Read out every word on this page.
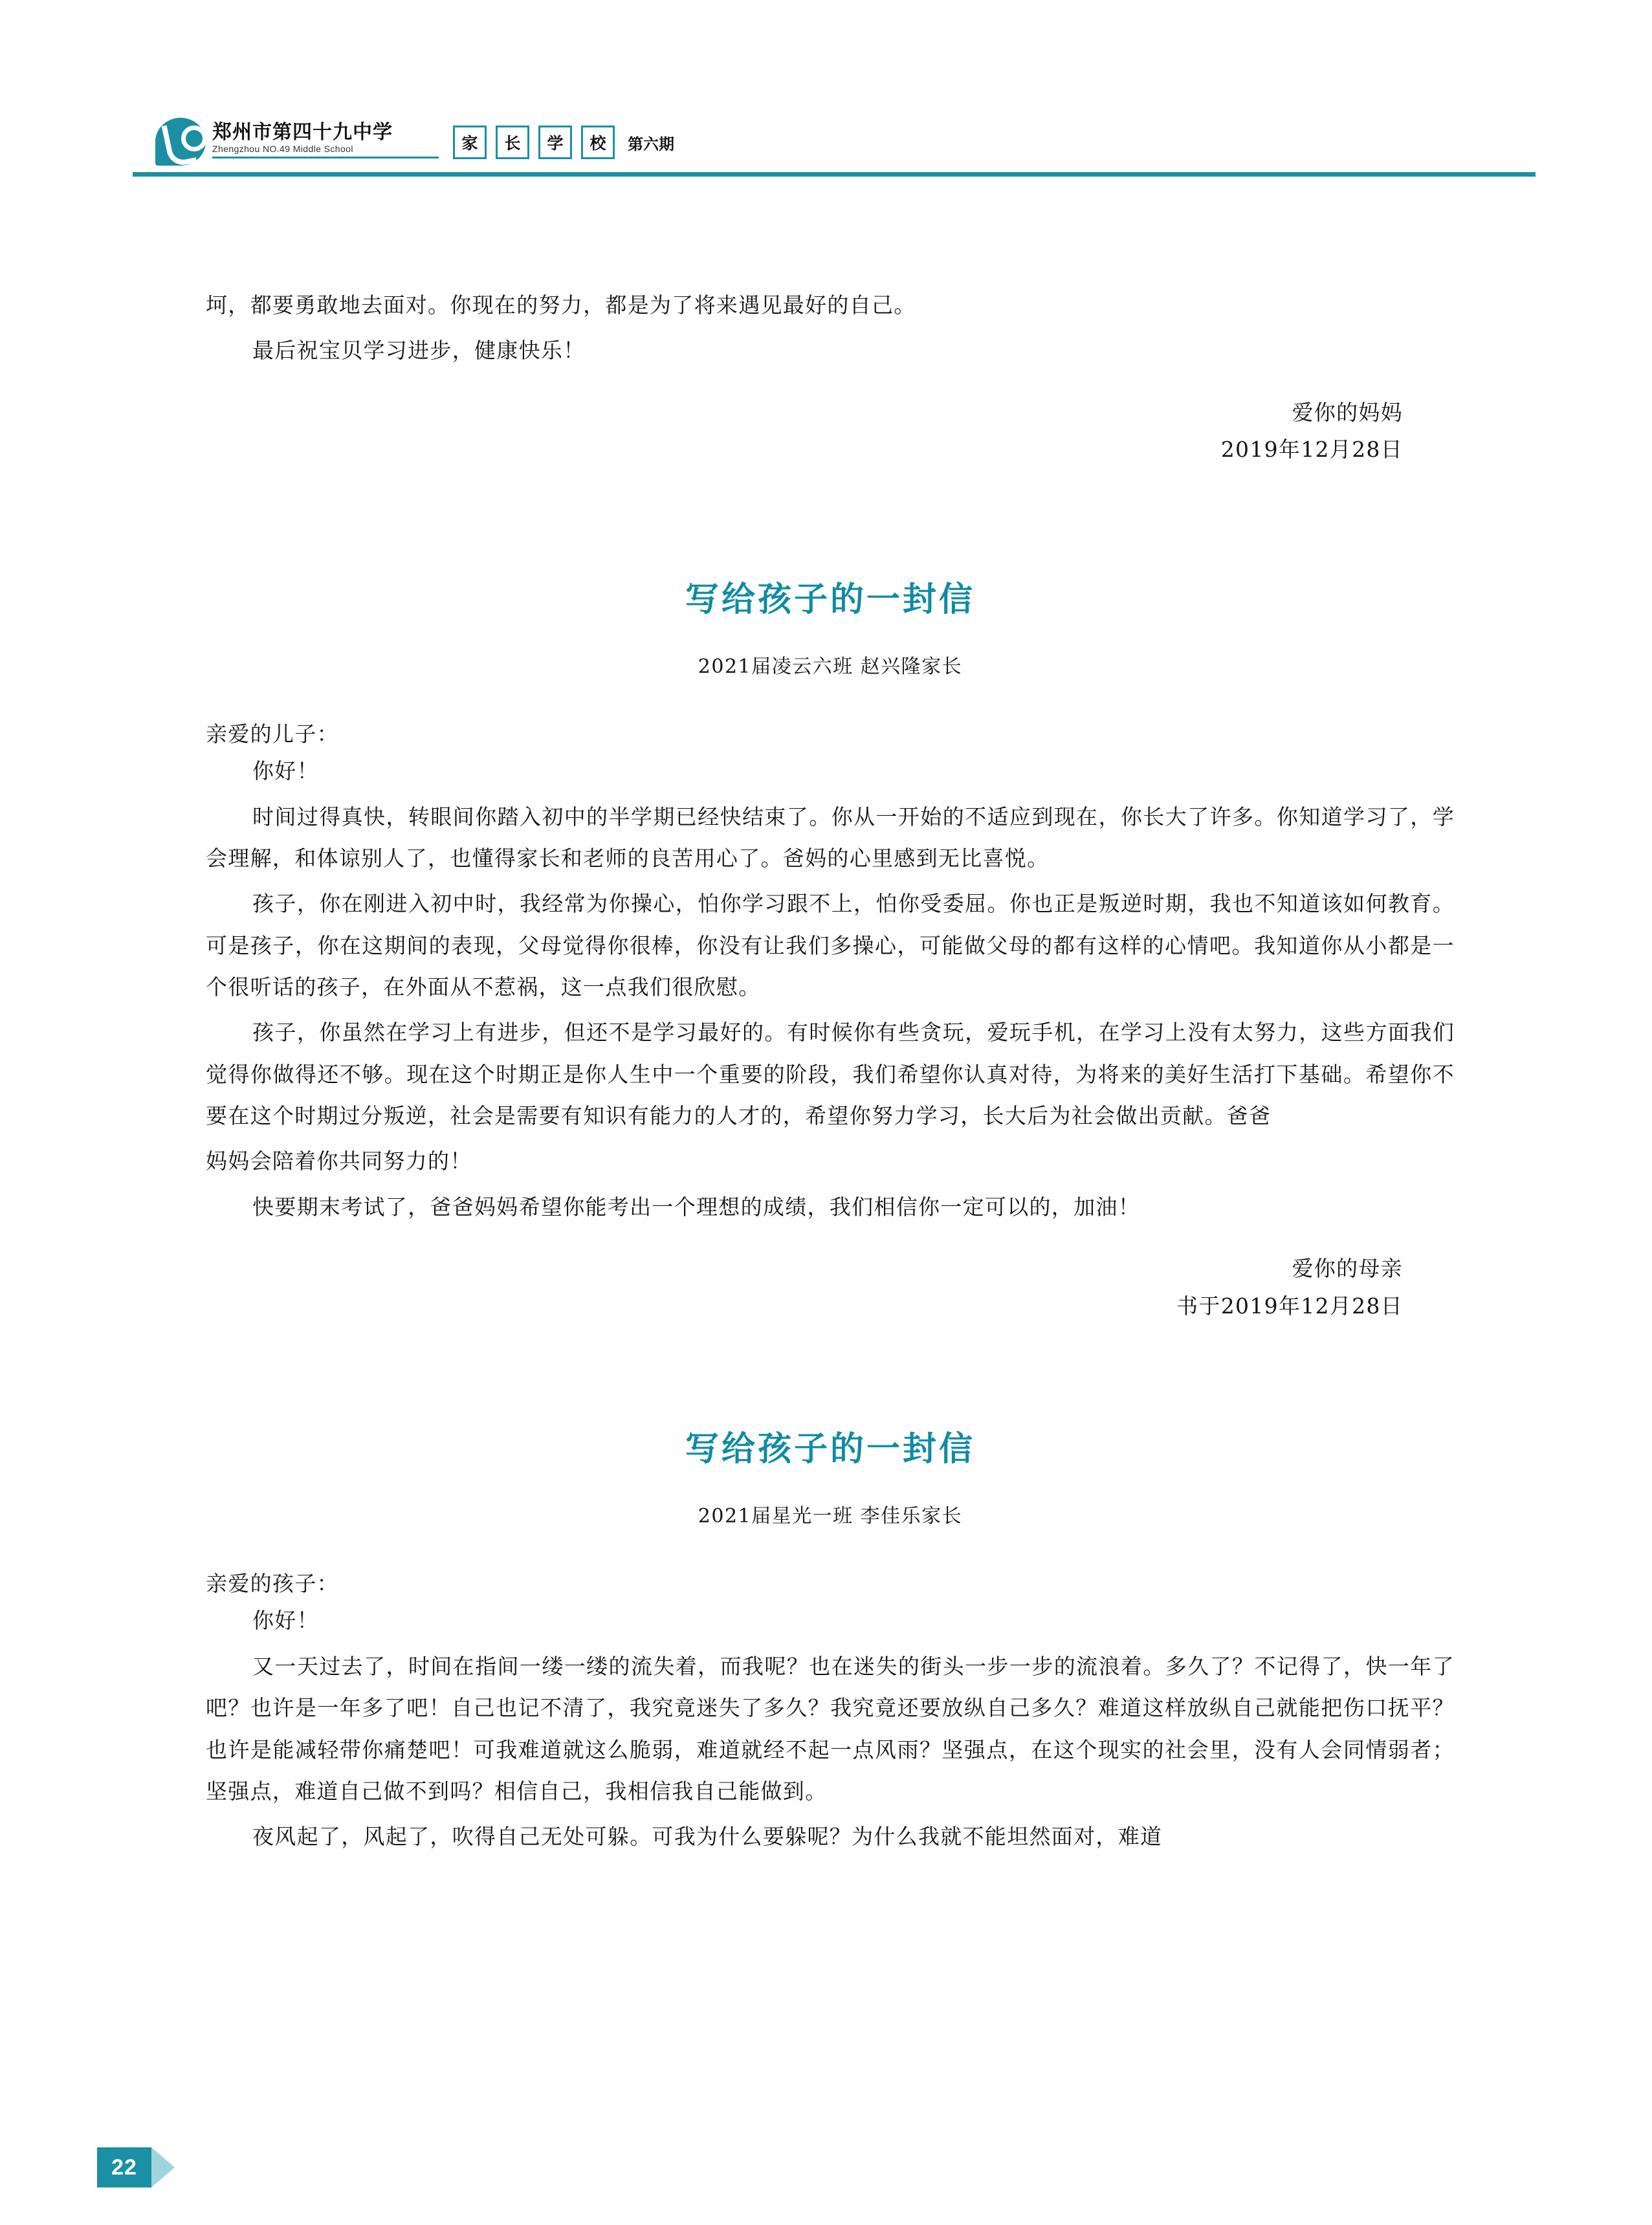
郑州市第四十九中学
Zhengzhou NO.49 Middle School	家	长	学	校	第六期

坷，都要勇敢地去面对。你现在的努力，都是为了将来遇见最好的自己。

最后祝宝贝学习进步，健康快乐！

爱你的妈妈

2019年12月28日

写给孩子的一封信

2021届凌云六班 赵兴隆家长

亲爱的儿子：

你好！

时间过得真快，转眼间你踏入初中的半学期已经快结束了。你从一开始的不适应到现在，你长大了许多。你知道学习了，学会理解，和体谅别人了，也懂得家长和老师的良苦用心了。爸妈的心里感到无比喜悦。

孩子，你在刚进入初中时，我经常为你操心，怕你学习跟不上，怕你受委屈。你也正是叛逆时期，我也不知道该如何教育。可是孩子，你在这期间的表现，父母觉得你很棒，你没有让我们多操心，可能做父母的都有这样的心情吧。我知道你从小都是一个很听话的孩子，在外面从不惹祸，这一点我们很欣慰。

孩子，你虽然在学习上有进步，但还不是学习最好的。有时候你有些贪玩，爱玩手机，在学习上没有太努力，这些方面我们觉得你做得还不够。现在这个时期正是你人生中一个重要的阶段，我们希望你认真对待，为将来的美好生活打下基础。希望你不要在这个时期过分叛逆，社会是需要有知识有能力的人才的，希望你努力学习，长大后为社会做出贡献。爸爸

妈妈会陪着你共同努力的！

快要期末考试了，爸爸妈妈希望你能考出一个理想的成绩，我们相信你一定可以的，加油！

爱你的母亲

书于2019年12月28日

写给孩子的一封信

2021届星光一班 李佳乐家长

亲爱的孩子：

你好！

又一天过去了，时间在指间一缕一缕的流失着，而我呢？也在迷失的街头一步一步的流浪着。多久了？不记得了，快一年了吧？也许是一年多了吧！自己也记不清了，我究竟迷失了多久？我究竟还要放纵自己多久？难道这样放纵自己就能把伤口抚平？也许是能减轻带你痛楚吧！可我难道就这么脆弱，难道就经不起一点风雨？坚强点，在这个现实的社会里，没有人会同情弱者；坚强点，难道自己做不到吗？相信自己，我相信我自己能做到。

夜风起了，风起了，吹得自己无处可躲。可我为什么要躲呢？为什么我就不能坦然面对，难道

22
